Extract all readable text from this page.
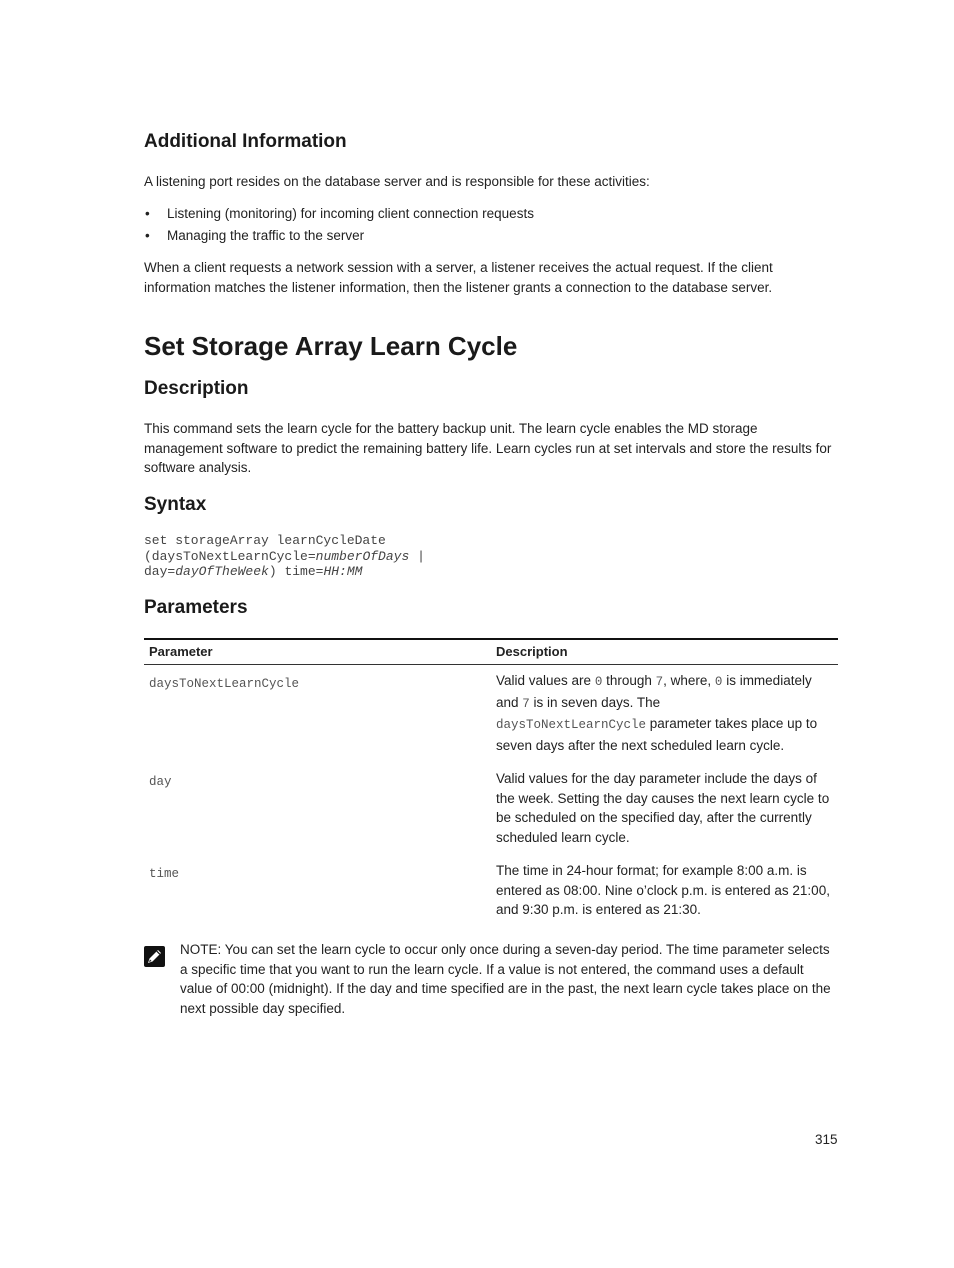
Additional Information

A listening port resides on the database server and is responsible for these activities:

• Listening (monitoring) for incoming client connection requests
• Managing the traffic to the server

When a client requests a network session with a server, a listener receives the actual request. If the client information matches the listener information, then the listener grants a connection to the database server.

Set Storage Array Learn Cycle
Description

This command sets the learn cycle for the battery backup unit. The learn cycle enables the MD storage management software to predict the remaining battery life. Learn cycles run at set intervals and store the results for software analysis.

Syntax
set storageArray learnCycleDate
(daysToNextLearnCycle=numberOfDays |
day=dayOfTheWeek) time=HH:MM
Parameters
Parameter	Description
daysToNextLearnCycle	Valid values are 0 through 7, where, 0 is immediately and 7 is in seven days. The
daysToNextLearnCycle parameter takes place up to seven days after the next scheduled learn cycle.
day	Valid values for the day parameter include the days of the week. Setting the day causes the next learn cycle to be scheduled on the specified day, after the currently scheduled learn cycle.
time	The time in 24-hour format; for example 8:00 a.m. is entered as 08:00. Nine o’clock p.m. is entered as 21:00, and 9:30 p.m. is entered as 21:30.
NOTE: You can set the learn cycle to occur only once during a seven-day period. The time parameter selects a specific time that you want to run the learn cycle. If a value is not entered, the command uses a default value of 00:00 (midnight). If the day and time specified are in the past, the next learn cycle takes place on the next possible day specified.
315
